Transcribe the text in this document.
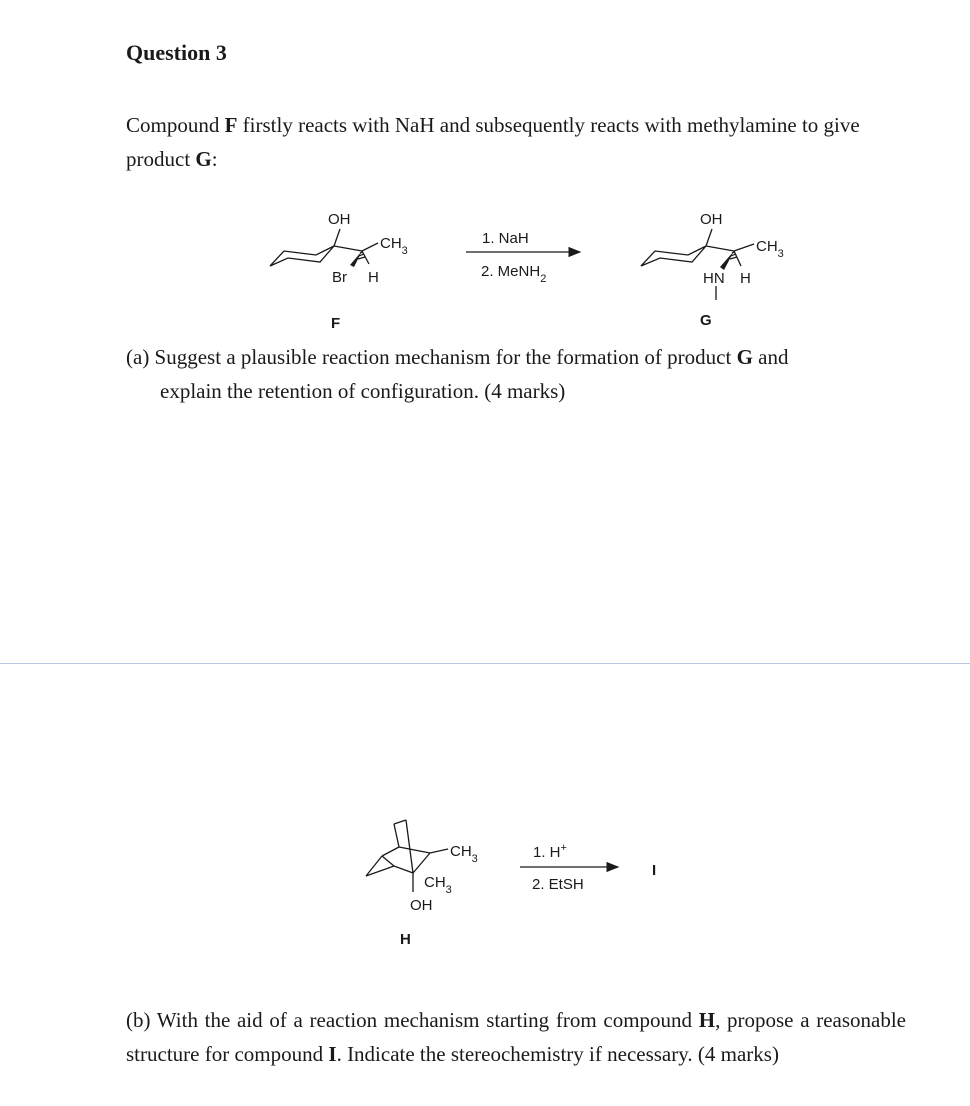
Question 3
Compound F firstly reacts with NaH and subsequently reacts with methylamine to give product G:
(a) Suggest a plausible reaction mechanism for the formation of product G and
explain the retention of configuration. (4 marks)
(b) With the aid of a reaction mechanism starting from compound H, propose a reasonable structure for compound I. Indicate the stereochemistry if necessary. (4 marks)
OH
$CH_3$
Br H
F
1. NaH
2. MeNH$_2$
OH
$CH_3$
HN H
G
$CH_3$
$CH_3$
OH
H
1. H+
2. EtSH
I
